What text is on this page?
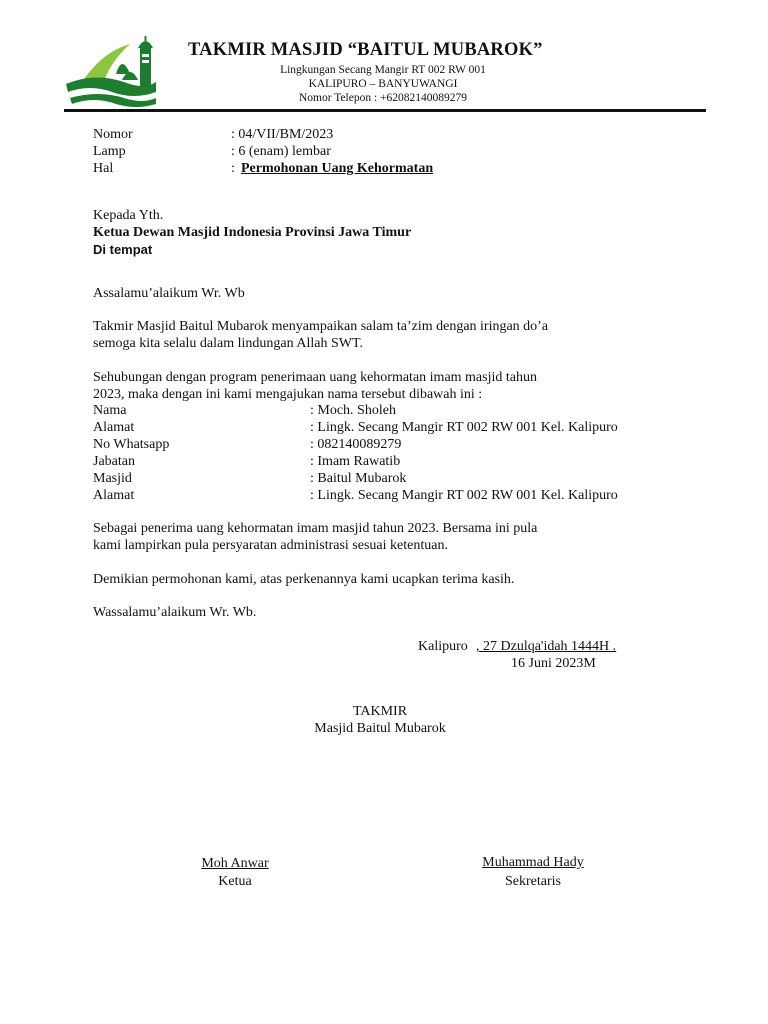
TAKMIR MASJID “BAITUL MUBAROK”
Lingkungan Secang Mangir RT 002 RW 001
KALIPURO – BANYUWANGI
Nomor Telepon : +62082140089279
Nomor	: 04/VII/BM/2023
Lamp	: 6 (enam) lembar
Hal	: Permohonan Uang Kehormatan
Kepada Yth.
Ketua Dewan Masjid Indonesia Provinsi Jawa Timur
Di tempat
Assalamu’alaikum Wr. Wb
Takmir Masjid Baitul Mubarok menyampaikan salam ta’zim dengan iringan do’a
semoga kita selalu dalam lindungan Allah SWT.
Sehubungan dengan program penerimaan uang kehormatan imam masjid tahun
2023, maka dengan ini kami mengajukan nama tersebut dibawah ini :
Nama	: Moch. Sholeh
Alamat	: Lingk. Secang Mangir RT 002 RW 001 Kel. Kalipuro
No Whatsapp	: 082140089279
Jabatan	: Imam Rawatib
Masjid	: Baitul Mubarok
Alamat	: Lingk. Secang Mangir RT 002 RW 001 Kel. Kalipuro
Sebagai penerima uang kehormatan imam masjid tahun 2023. Bersama ini pula
kami lampirkan pula persyaratan administrasi sesuai ketentuan.
Demikian permohonan kami, atas perkenannya kami ucapkan terima kasih.
Wassalamu’alaikum Wr. Wb.
Kalipuro , 27 Dzulqa'idah 1444H .
16 Juni 2023M
TAKMIR
Masjid Baitul Mubarok
Moh Anwar
Ketua
Muhammad Hady
Sekretaris
